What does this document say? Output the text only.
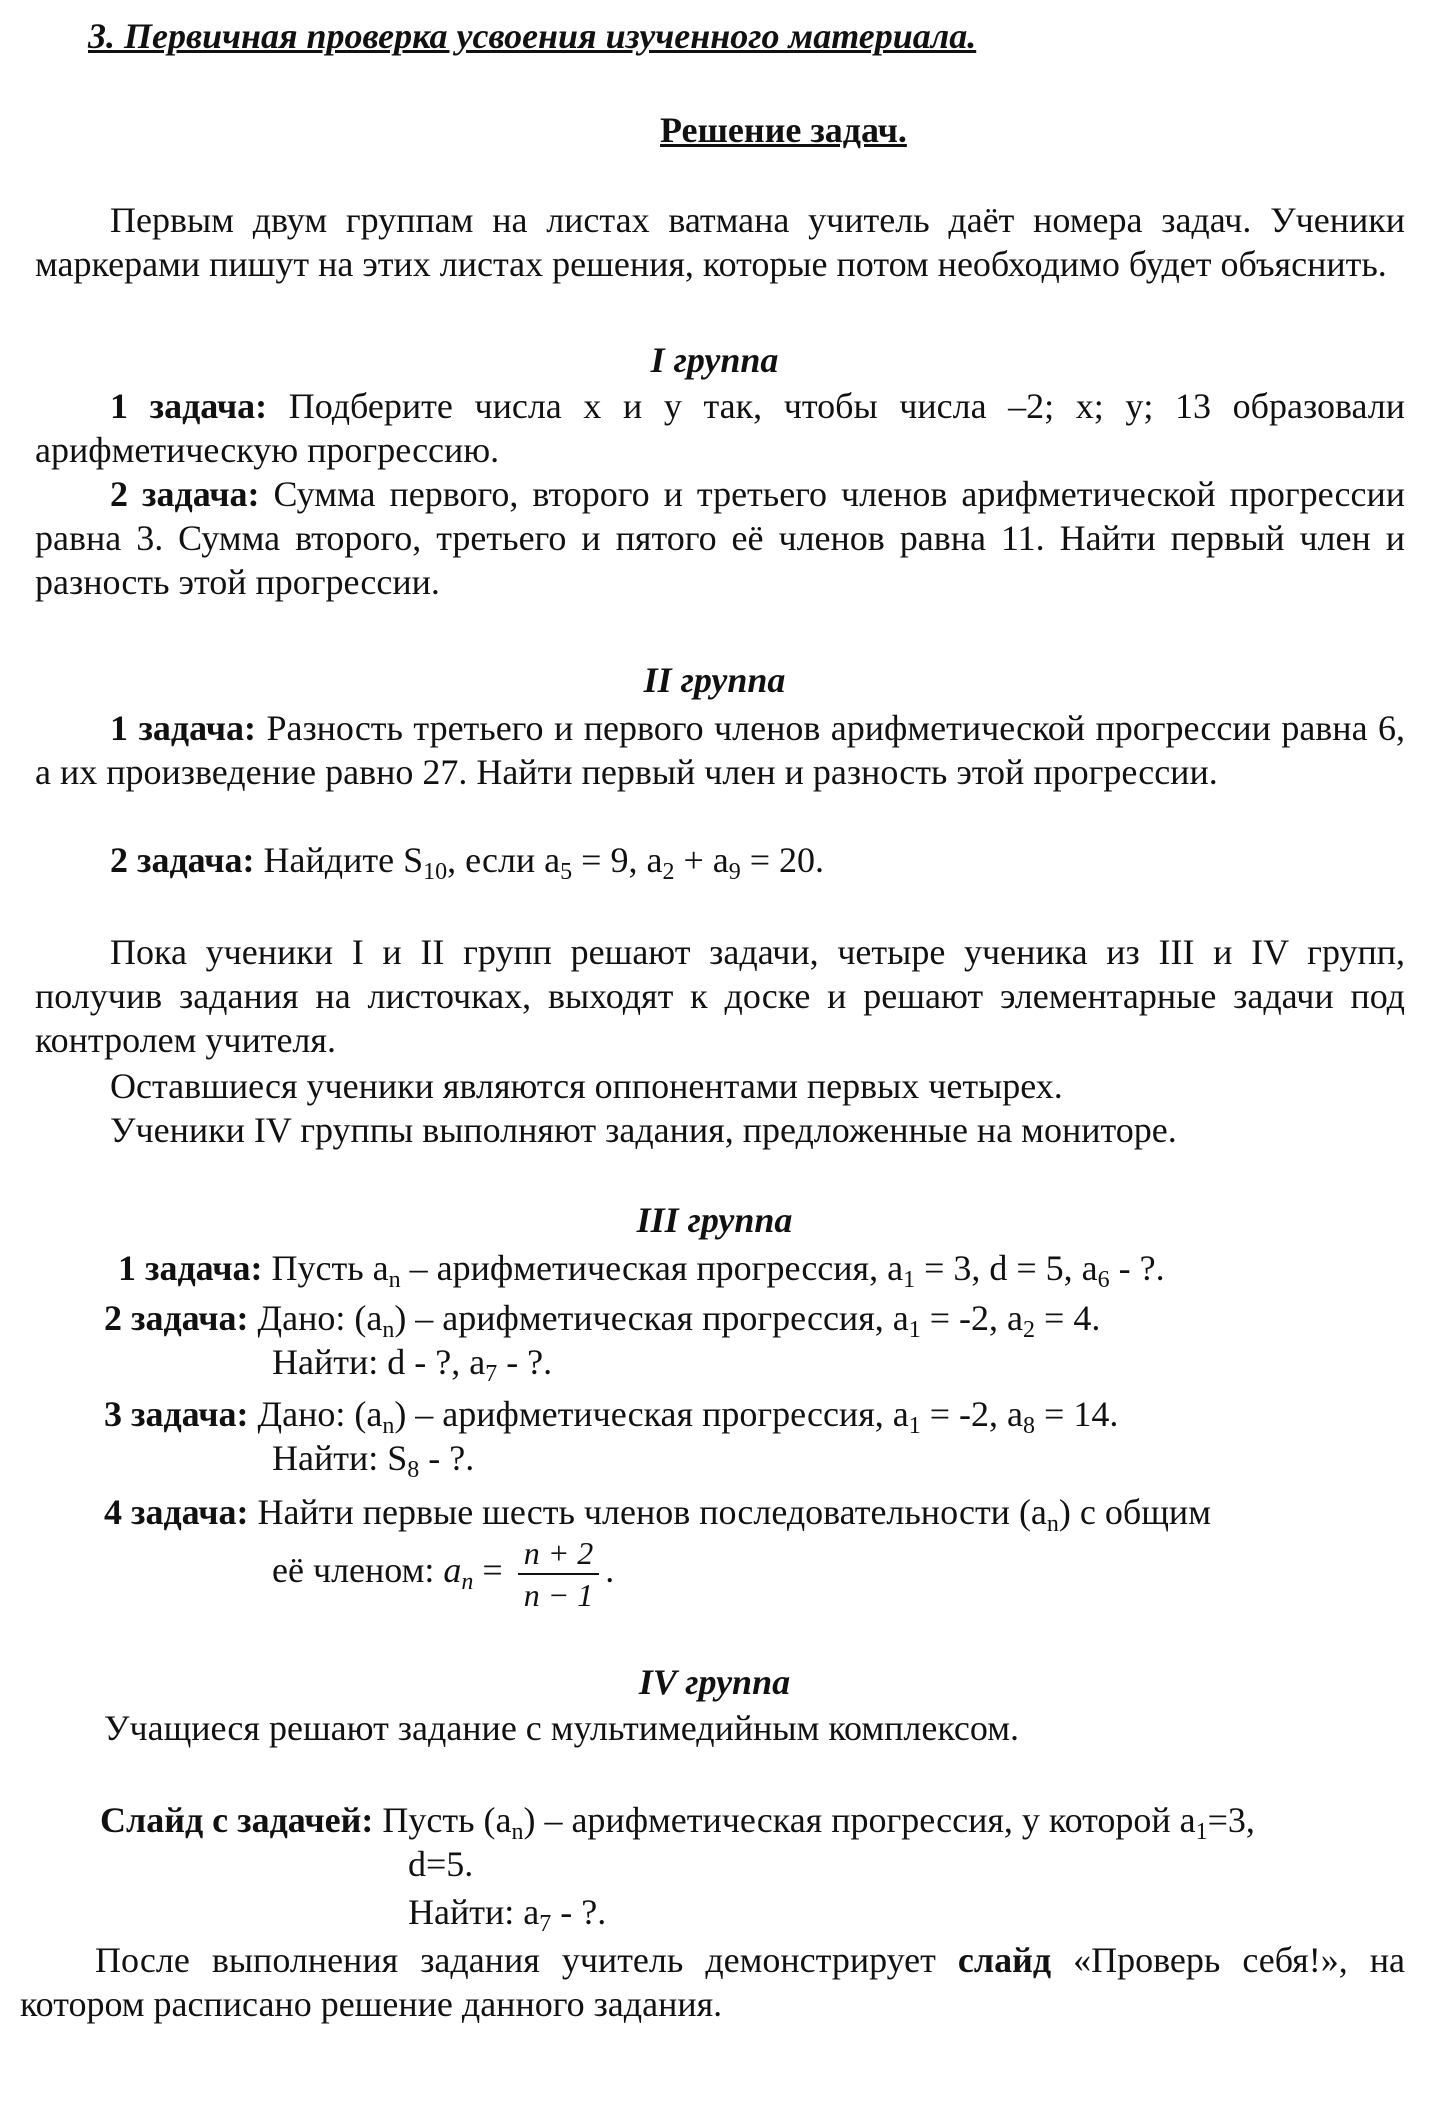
3. Первичная проверка усвоения изученного материала.
Решение задач.
Первым двум группам на листах ватмана учитель даёт номера задач. Ученики маркерами пишут на этих листах решения, которые потом необходимо будет объяснить.
I группа
1 задача: Подберите числа x и y так, чтобы числа –2; x; y; 13 образовали арифметическую прогрессию.
2 задача: Сумма первого, второго и третьего членов арифметической прогрессии равна 3. Сумма второго, третьего и пятого её членов равна 11. Найти первый член и разность этой прогрессии.
II группа
1 задача: Разность третьего и первого членов арифметической прогрессии равна 6, а их произведение равно 27. Найти первый член и разность этой прогрессии.
2 задача: Найдите $S_{10}$, если $a_5 = 9$, $a_2 + a_9 = 20$.
Пока ученики I и II групп решают задачи, четыре ученика из III и IV групп, получив задания на листочках, выходят к доске и решают элементарные задачи под контролем учителя.
Оставшиеся ученики являются оппонентами первых четырех.
Ученики IV группы выполняют задания, предложенные на мониторе.
III группа
1 задача: Пусть $a_n$ – арифметическая прогрессия, $a_1 = 3$, d = 5, $a_6$ - ?.
2 задача: Дано: $(a_n)$ – арифметическая прогрессия, $a_1 = -2$, $a_2 = 4$.
Найти: d - ?, $a_7$ - ?.
3 задача: Дано: $(a_n)$ – арифметическая прогрессия, $a_1 = -2$, $a_8 = 14$.
Найти: $S_8$ - ?.
4 задача: Найти первые шесть членов последовательности $(a_n)$ с общим
её членом: $a_n = \frac{n + 2}{n - 1}$ .
IV группа
Учащиеся решают задание с мультимедийным комплексом.
Слайд с задачей: Пусть $(a_n)$ – арифметическая прогрессия, у которой $a_1=3$,
d=5.
Найти: $a_7$ - ?.
После выполнения задания учитель демонстрирует слайд «Проверь себя!», на котором расписано решение данного задания.
